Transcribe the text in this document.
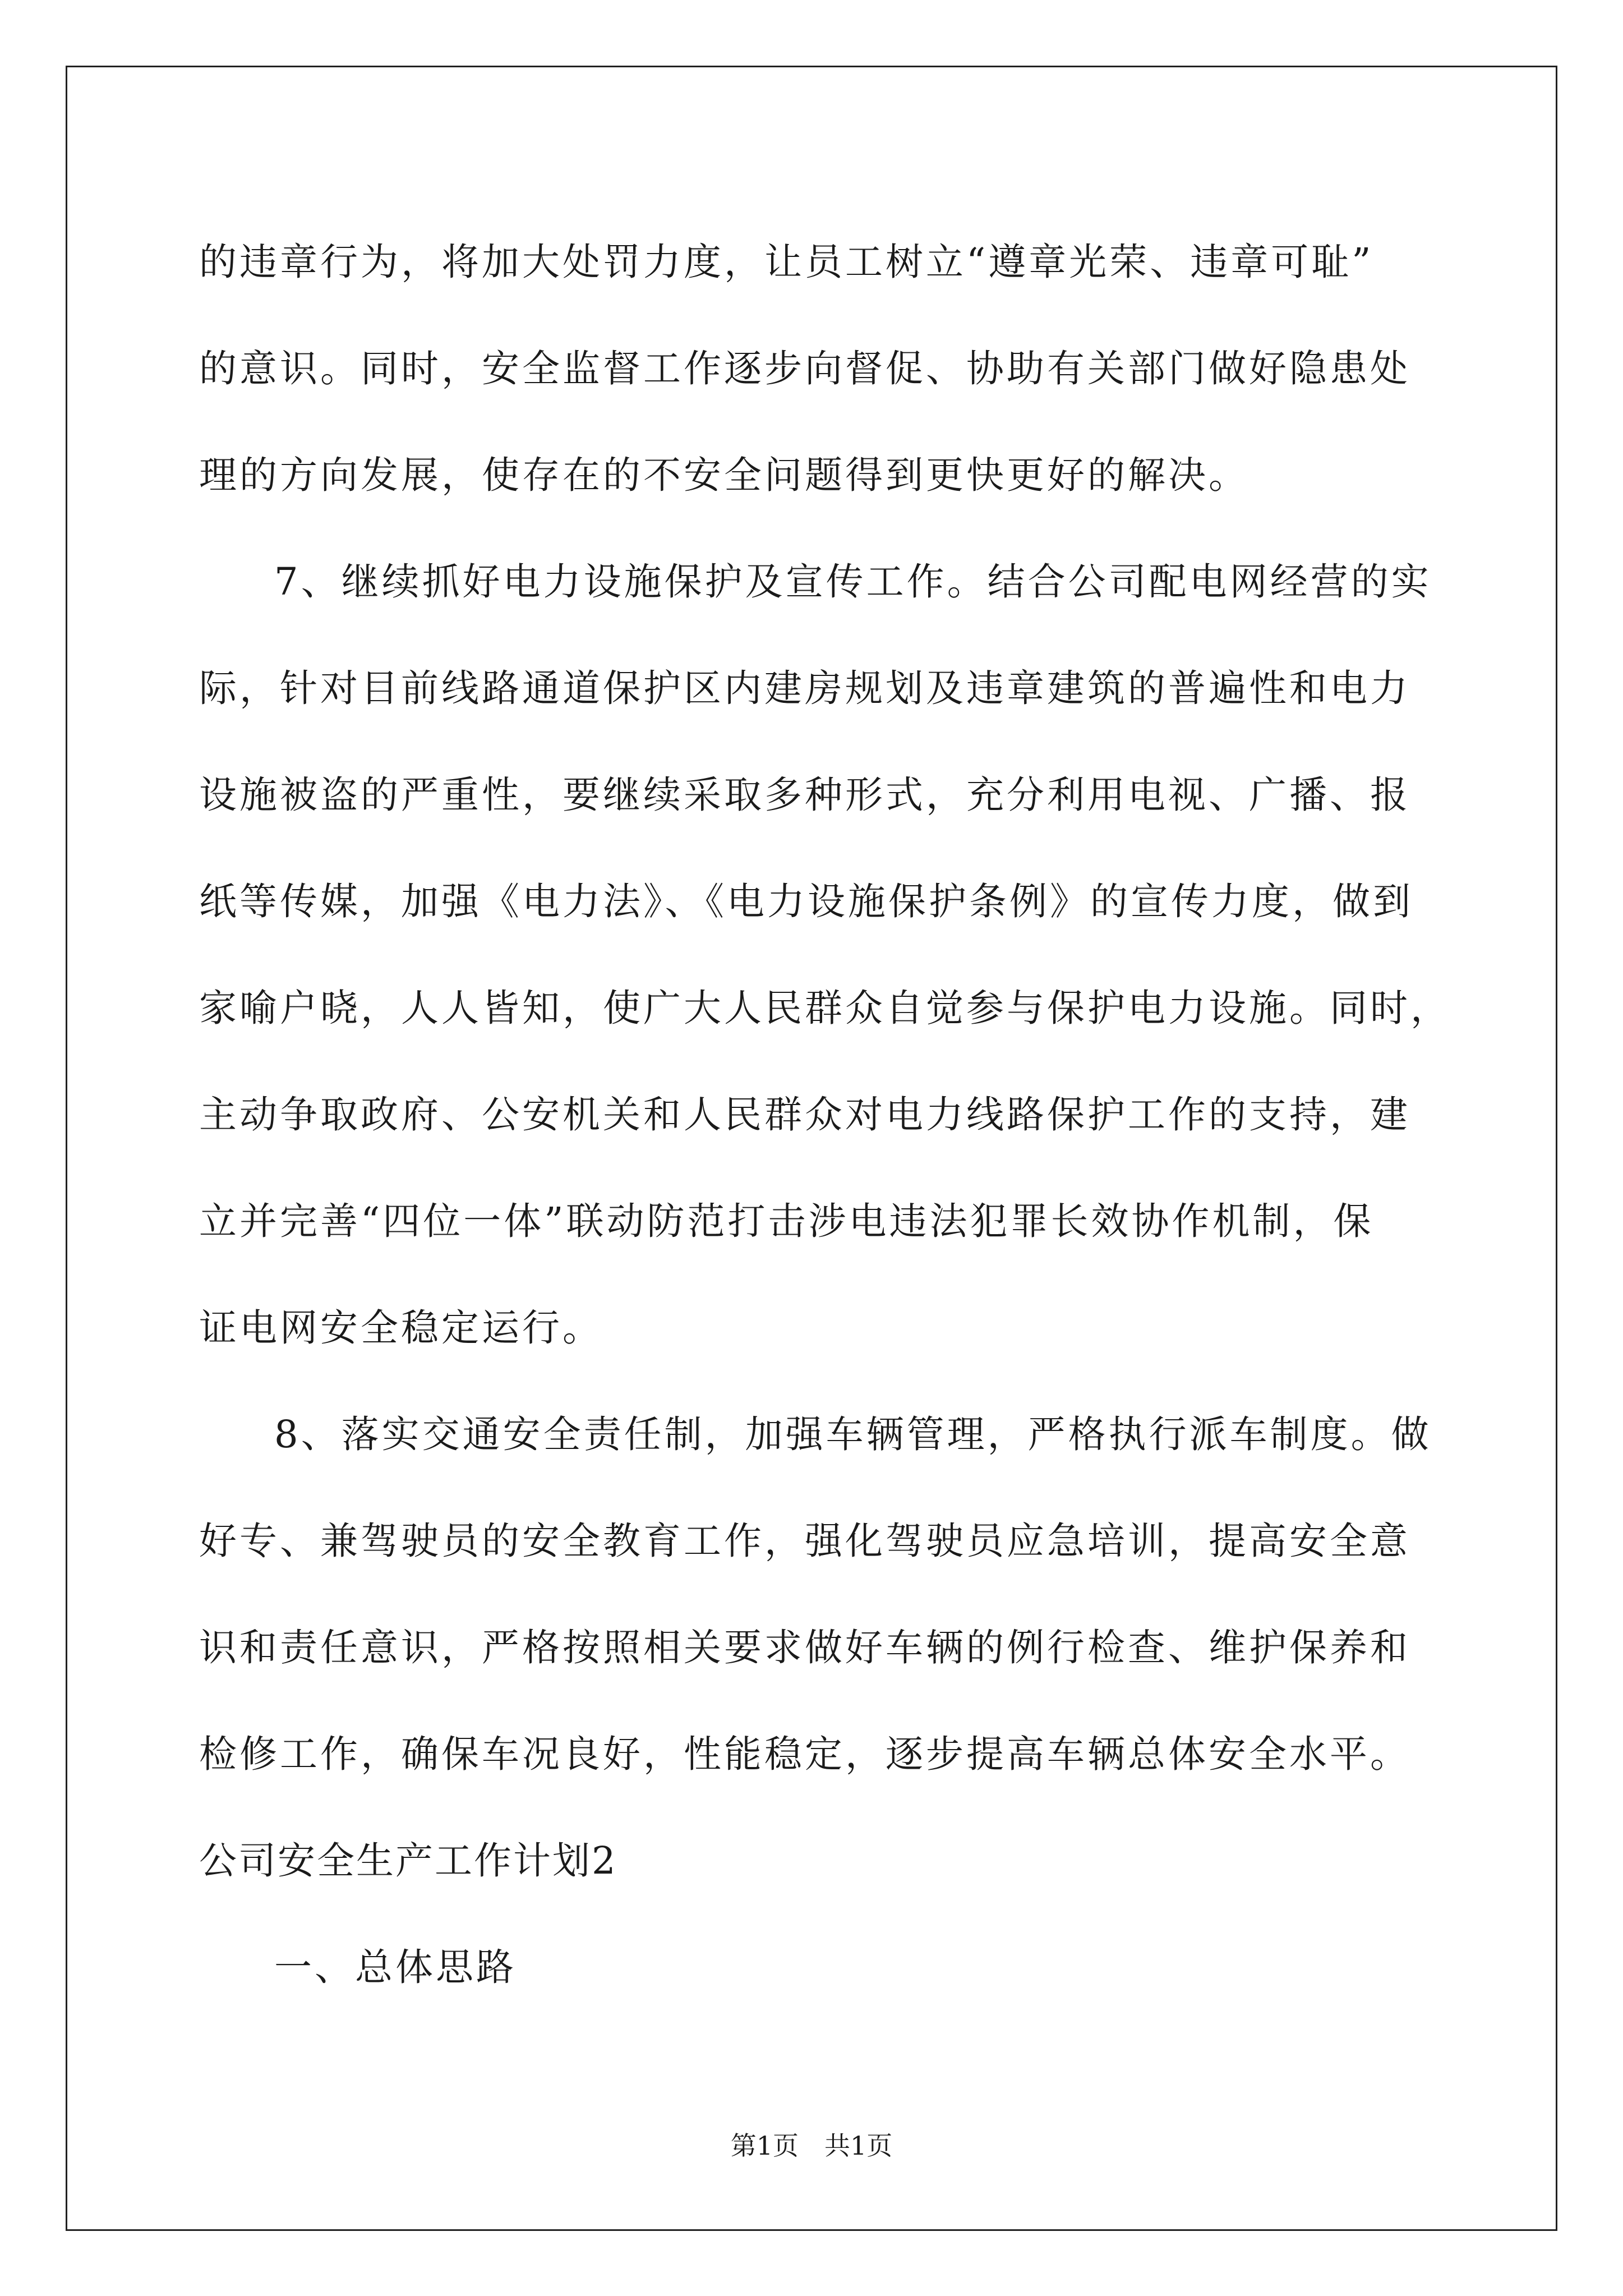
的违章行为，将加大处罚力度，让员工树立“遵章光荣、违章可耻”
的意识。同时，安全监督工作逐步向督促、协助有关部门做好隐患处
理的方向发展，使存在的不安全问题得到更快更好的解决。
7、继续抓好电力设施保护及宣传工作。结合公司配电网经营的实
际，针对目前线路通道保护区内建房规划及违章建筑的普遍性和电力
设施被盗的严重性，要继续采取多种形式，充分利用电视、广播、报
纸等传媒，加强《电力法》、《电力设施保护条例》的宣传力度，做到
家喻户晓，人人皆知，使广大人民群众自觉参与保护电力设施。同时，
主动争取政府、公安机关和人民群众对电力线路保护工作的支持，建
立并完善“四位一体”联动防范打击涉电违法犯罪长效协作机制，保
证电网安全稳定运行。
8、落实交通安全责任制，加强车辆管理，严格执行派车制度。做
好专、兼驾驶员的安全教育工作，强化驾驶员应急培训，提高安全意
识和责任意识，严格按照相关要求做好车辆的例行检查、维护保养和
检修工作，确保车况良好，性能稳定，逐步提高车辆总体安全水平。
公司安全生产工作计划2
一、总体思路
第1页　共1页
